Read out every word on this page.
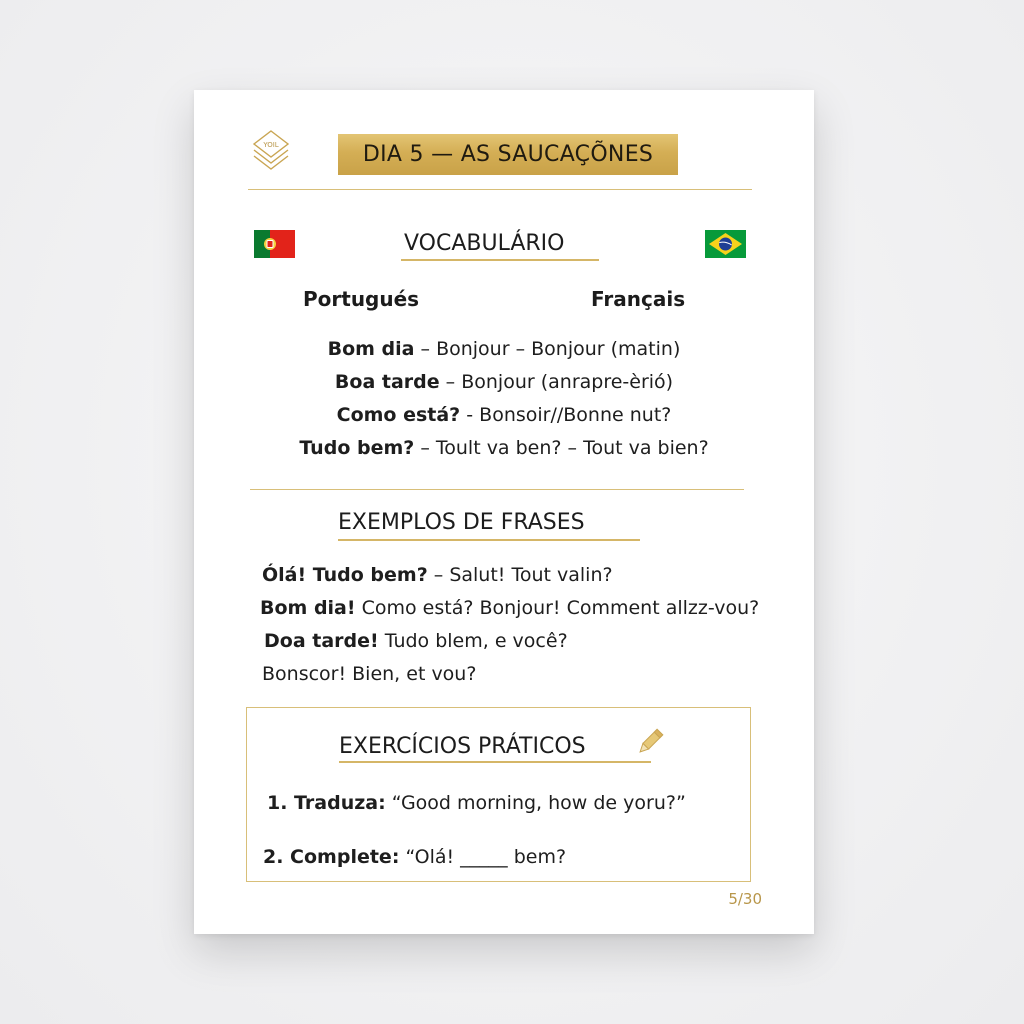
YOIL	DIA 5 — AS SAUCAÇÕNES
VOCABULÁRIO
Portugués	Français
Bom dia – Bonjour – Bonjour (matin)
Boa tarde – Bonjour (anrapre-èrió)
Como está? - Bonsoir//Bonne nut?
Tudo bem? – Toult va ben? – Tout va bien?
EXEMPLOS DE FRASES
Ólá! Tudo bem? – Salut! Tout valin?
Bom dia! Como está? Bonjour! Comment allzz-vou?
Doa tarde! Tudo blem, e você?
Bonscor! Bien, et vou?
EXERCÍCIOS PRÁTICOS
1. Traduza: “Good morning, how de yoru?”
2. Complete: “Olá! _____ bem?
5/30
